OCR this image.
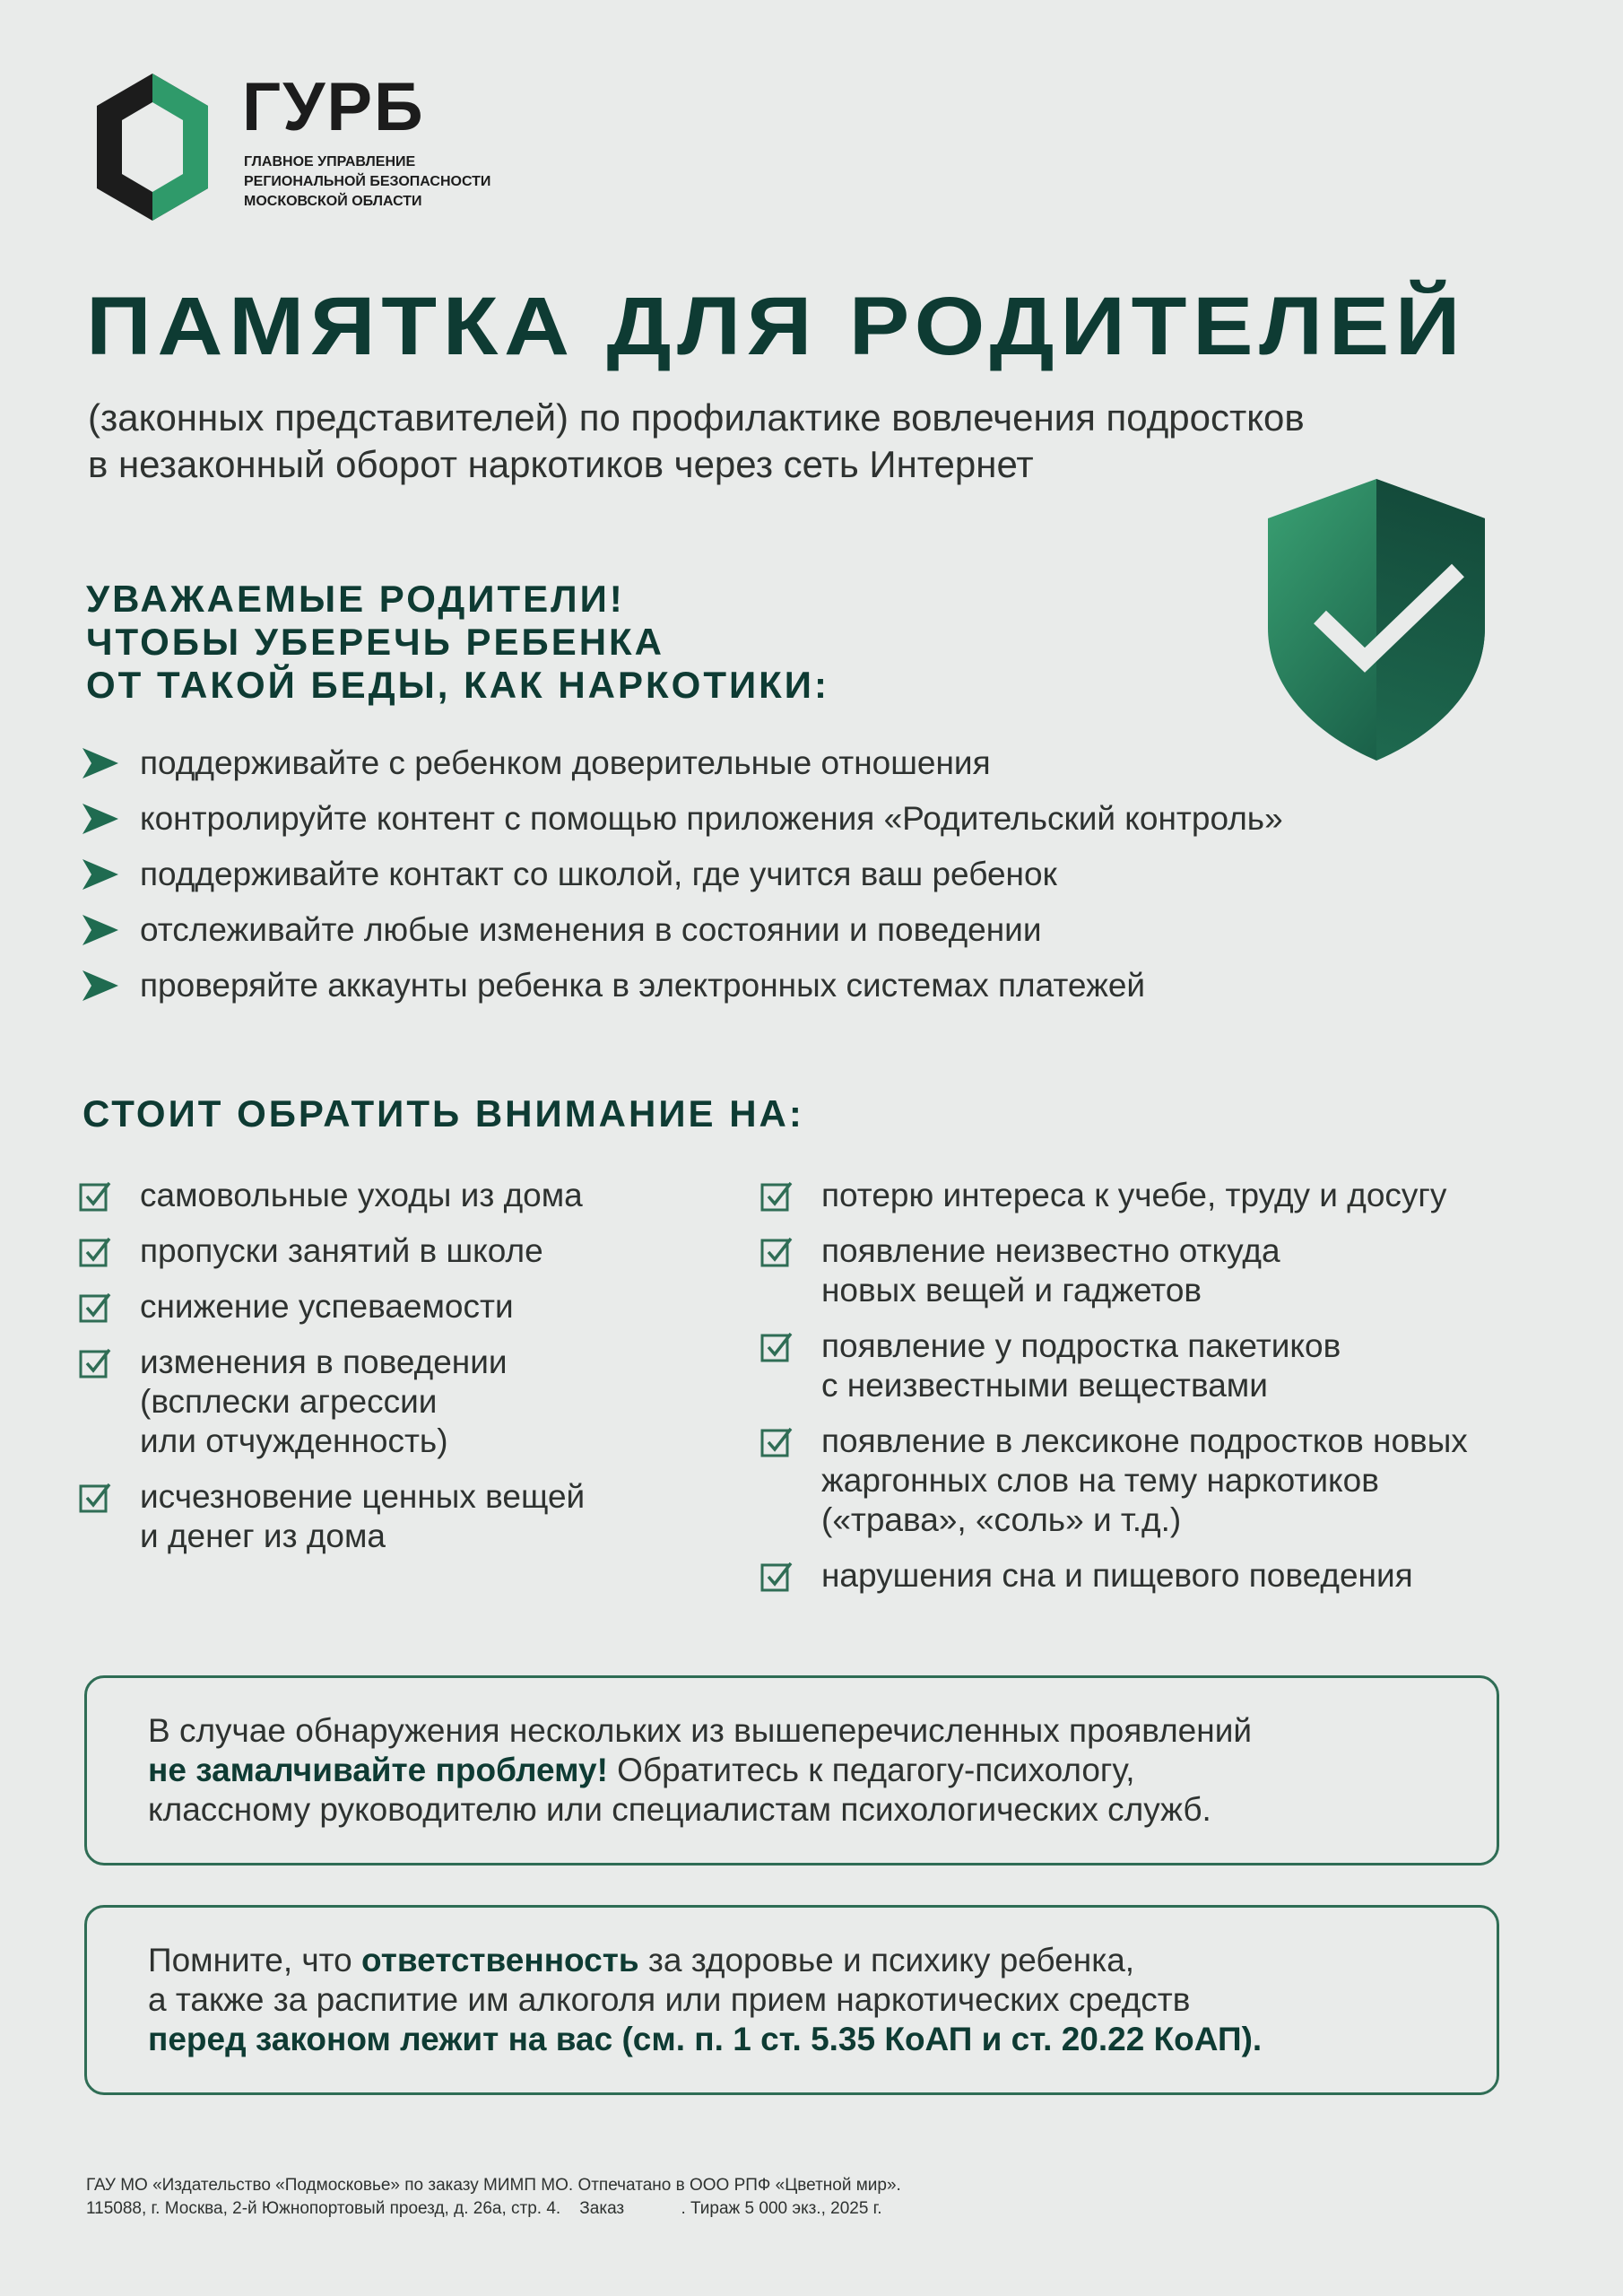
ГУРБ
ГЛАВНОЕ УПРАВЛЕНИЕ
РЕГИОНАЛЬНОЙ БЕЗОПАСНОСТИ
МОСКОВСКОЙ ОБЛАСТИ
ПАМЯТКА ДЛЯ РОДИТЕЛЕЙ
(законных представителей) по профилактике вовлечения подростков
в незаконный оборот наркотиков через сеть Интернет
УВАЖАЕМЫЕ РОДИТЕЛИ!
ЧТОБЫ УБЕРЕЧЬ РЕБЕНКА
ОТ ТАКОЙ БЕДЫ, КАК НАРКОТИКИ:
поддерживайте с ребенком доверительные отношения
контролируйте контент с помощью приложения «Родительский контроль»
поддерживайте контакт со школой, где учится ваш ребенок
отслеживайте любые изменения в состоянии и поведении
проверяйте аккаунты ребенка в электронных системах платежей
СТОИТ ОБРАТИТЬ ВНИМАНИЕ НА:
самовольные уходы из дома
пропуски занятий в школе
снижение успеваемости
изменения в поведении
(всплески агрессии
или отчужденность)
исчезновение ценных вещей
и денег из дома
потерю интереса к учебе, труду и досугу
появление неизвестно откуда
новых вещей и гаджетов
появление у подростка пакетиков
с неизвестными веществами
появление в лексиконе подростков новых
жаргонных слов на тему наркотиков
(«трава», «соль» и т.д.)
нарушения сна и пищевого поведения
В случае обнаружения нескольких из вышеперечисленных проявлений
не замалчивайте проблему! Обратитесь к педагогу-психологу,
классному руководителю или специалистам психологических служб.
Помните, что ответственность за здоровье и психику ребенка,
а также за распитие им алкоголя или прием наркотических средств
перед законом лежит на вас (см. п. 1 ст. 5.35 КоАП и ст. 20.22 КоАП).
ГАУ МО «Издательство «Подмосковье» по заказу МИМП МО. Отпечатано в ООО РПФ «Цветной мир».
115088, г. Москва, 2-й Южнопортовый проезд, д. 26а, стр. 4.    Заказ            . Тираж 5 000 экз., 2025 г.
